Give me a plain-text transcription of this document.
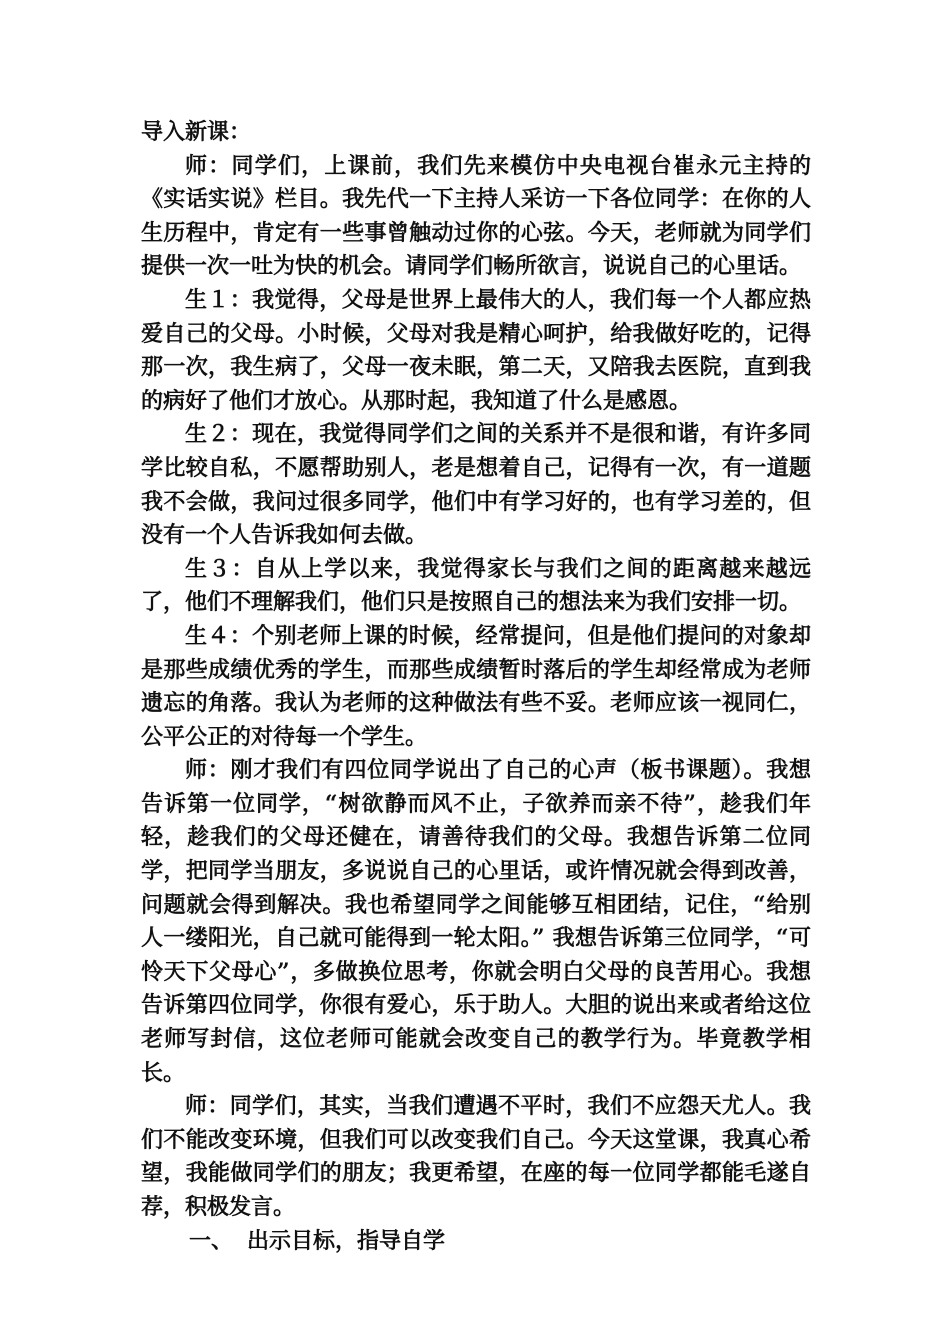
导入新课：

师：同学们，上课前，我们先来模仿中央电视台崔永元主持的《实话实说》栏目。我先代一下主持人采访一下各位同学：在你的人生历程中，肯定有一些事曾触动过你的心弦。今天，老师就为同学们提供一次一吐为快的机会。请同学们畅所欲言，说说自己的心里话。

生１：我觉得，父母是世界上最伟大的人，我们每一个人都应热爱自己的父母。小时候，父母对我是精心呵护，给我做好吃的，记得那一次，我生病了，父母一夜未眠，第二天，又陪我去医院，直到我的病好了他们才放心。从那时起，我知道了什么是感恩。

生２：现在，我觉得同学们之间的关系并不是很和谐，有许多同学比较自私，不愿帮助别人，老是想着自己，记得有一次，有一道题我不会做，我问过很多同学，他们中有学习好的，也有学习差的，但没有一个人告诉我如何去做。

生３：自从上学以来，我觉得家长与我们之间的距离越来越远了，他们不理解我们，他们只是按照自己的想法来为我们安排一切。

生４：个别老师上课的时候，经常提问，但是他们提问的对象却是那些成绩优秀的学生，而那些成绩暂时落后的学生却经常成为老师遗忘的角落。我认为老师的这种做法有些不妥。老师应该一视同仁，公平公正的对待每一个学生。

师：刚才我们有四位同学说出了自己的心声（板书课题）。我想告诉第一位同学，“树欲静而风不止，子欲养而亲不待”，趁我们年轻，趁我们的父母还健在，请善待我们的父母。我想告诉第二位同学，把同学当朋友，多说说自己的心里话，或许情况就会得到改善，问题就会得到解决。我也希望同学之间能够互相团结，记住，“给别人一缕阳光，自己就可能得到一轮太阳。” 我想告诉第三位同学，“可怜天下父母心”，多做换位思考，你就会明白父母的良苦用心。我想告诉第四位同学，你很有爱心，乐于助人。大胆的说出来或者给这位老师写封信，这位老师可能就会改变自己的教学行为。毕竟教学相长。

师：同学们，其实，当我们遭遇不平时，我们不应怨天尤人。我们不能改变环境，但我们可以改变我们自己。今天这堂课，我真心希望，我能做同学们的朋友；我更希望，在座的每一位同学都能毛遂自荐，积极发言。

一、 出示目标，指导自学
